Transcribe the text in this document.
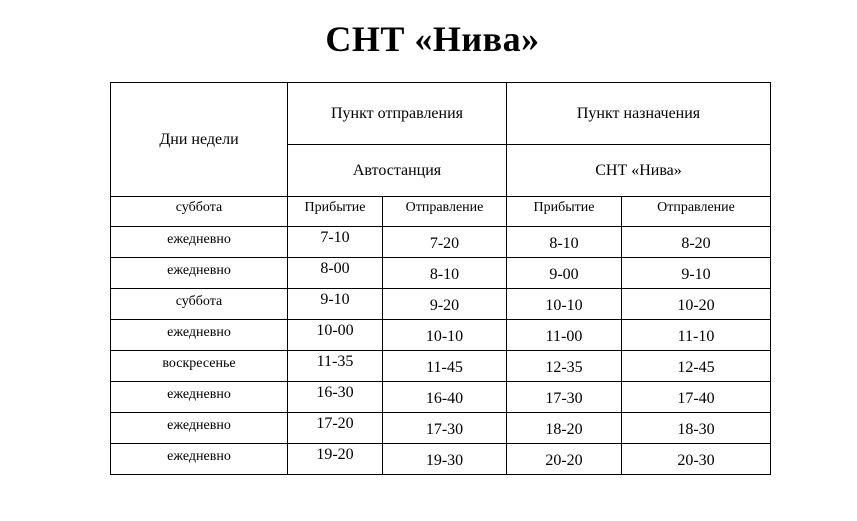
СНТ «Нива»
Дни недели	Пункт отправления		Пункт назначения	
	Автостанция		СНТ «Нива»	
суббота	Прибытие	Отправление	Прибытие	Отправление
ежедневно	7-10	7-20	8-10	8-20
ежедневно	8-00	8-10	9-00	9-10
суббота	9-10	9-20	10-10	10-20
ежедневно	10-00	10-10	11-00	11-10
воскресенье	11-35	11-45	12-35	12-45
ежедневно	16-30	16-40	17-30	17-40
ежедневно	17-20	17-30	18-20	18-30
ежедневно	19-20	19-30	20-20	20-30
